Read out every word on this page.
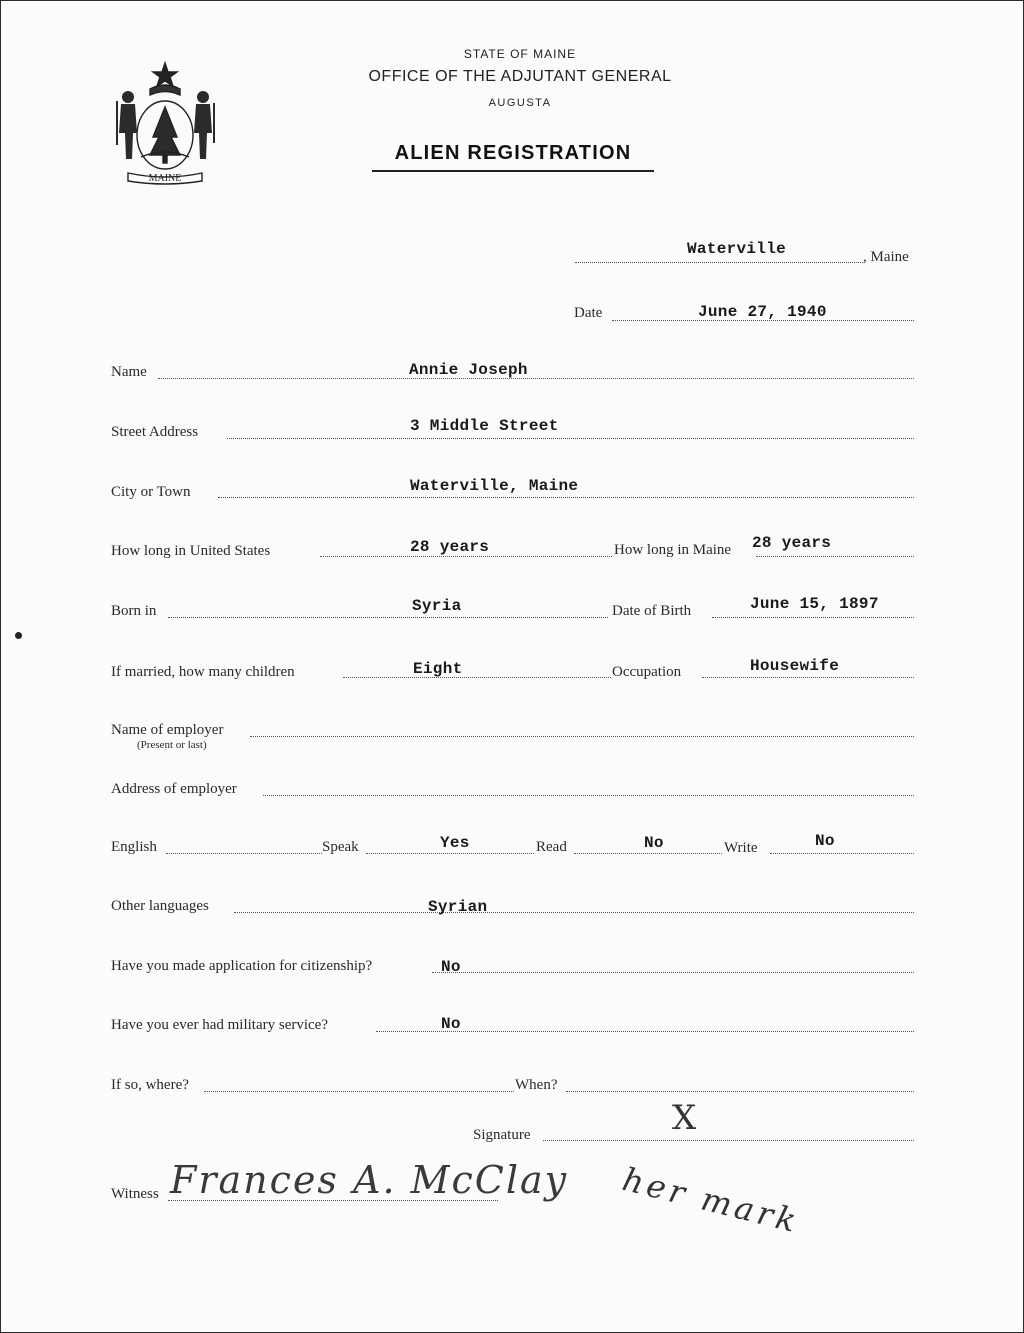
MAINE
STATE OF MAINE
OFFICE OF THE ADJUTANT GENERAL
AUGUSTA
ALIEN REGISTRATION
Waterville	, Maine
Date	June 27, 1940
Name	Annie Joseph
Street Address	3 Middle Street
City or Town	Waterville, Maine
How long in United States	28 years	How long in Maine 28 years
Born in	Syria	Date of Birth	June 15, 1897
If married, how many children	Eight	Occupation	Housewife
Name of employer
(Present or last)
Address of employer
English	Speak	Yes	Read	No	Write	No
Other languages	Syrian
Have you made application for citizenship?	No
Have you ever had military service?	No
If so, where?	When?
Signature	X
her mark
Witness Frances A. McClay
